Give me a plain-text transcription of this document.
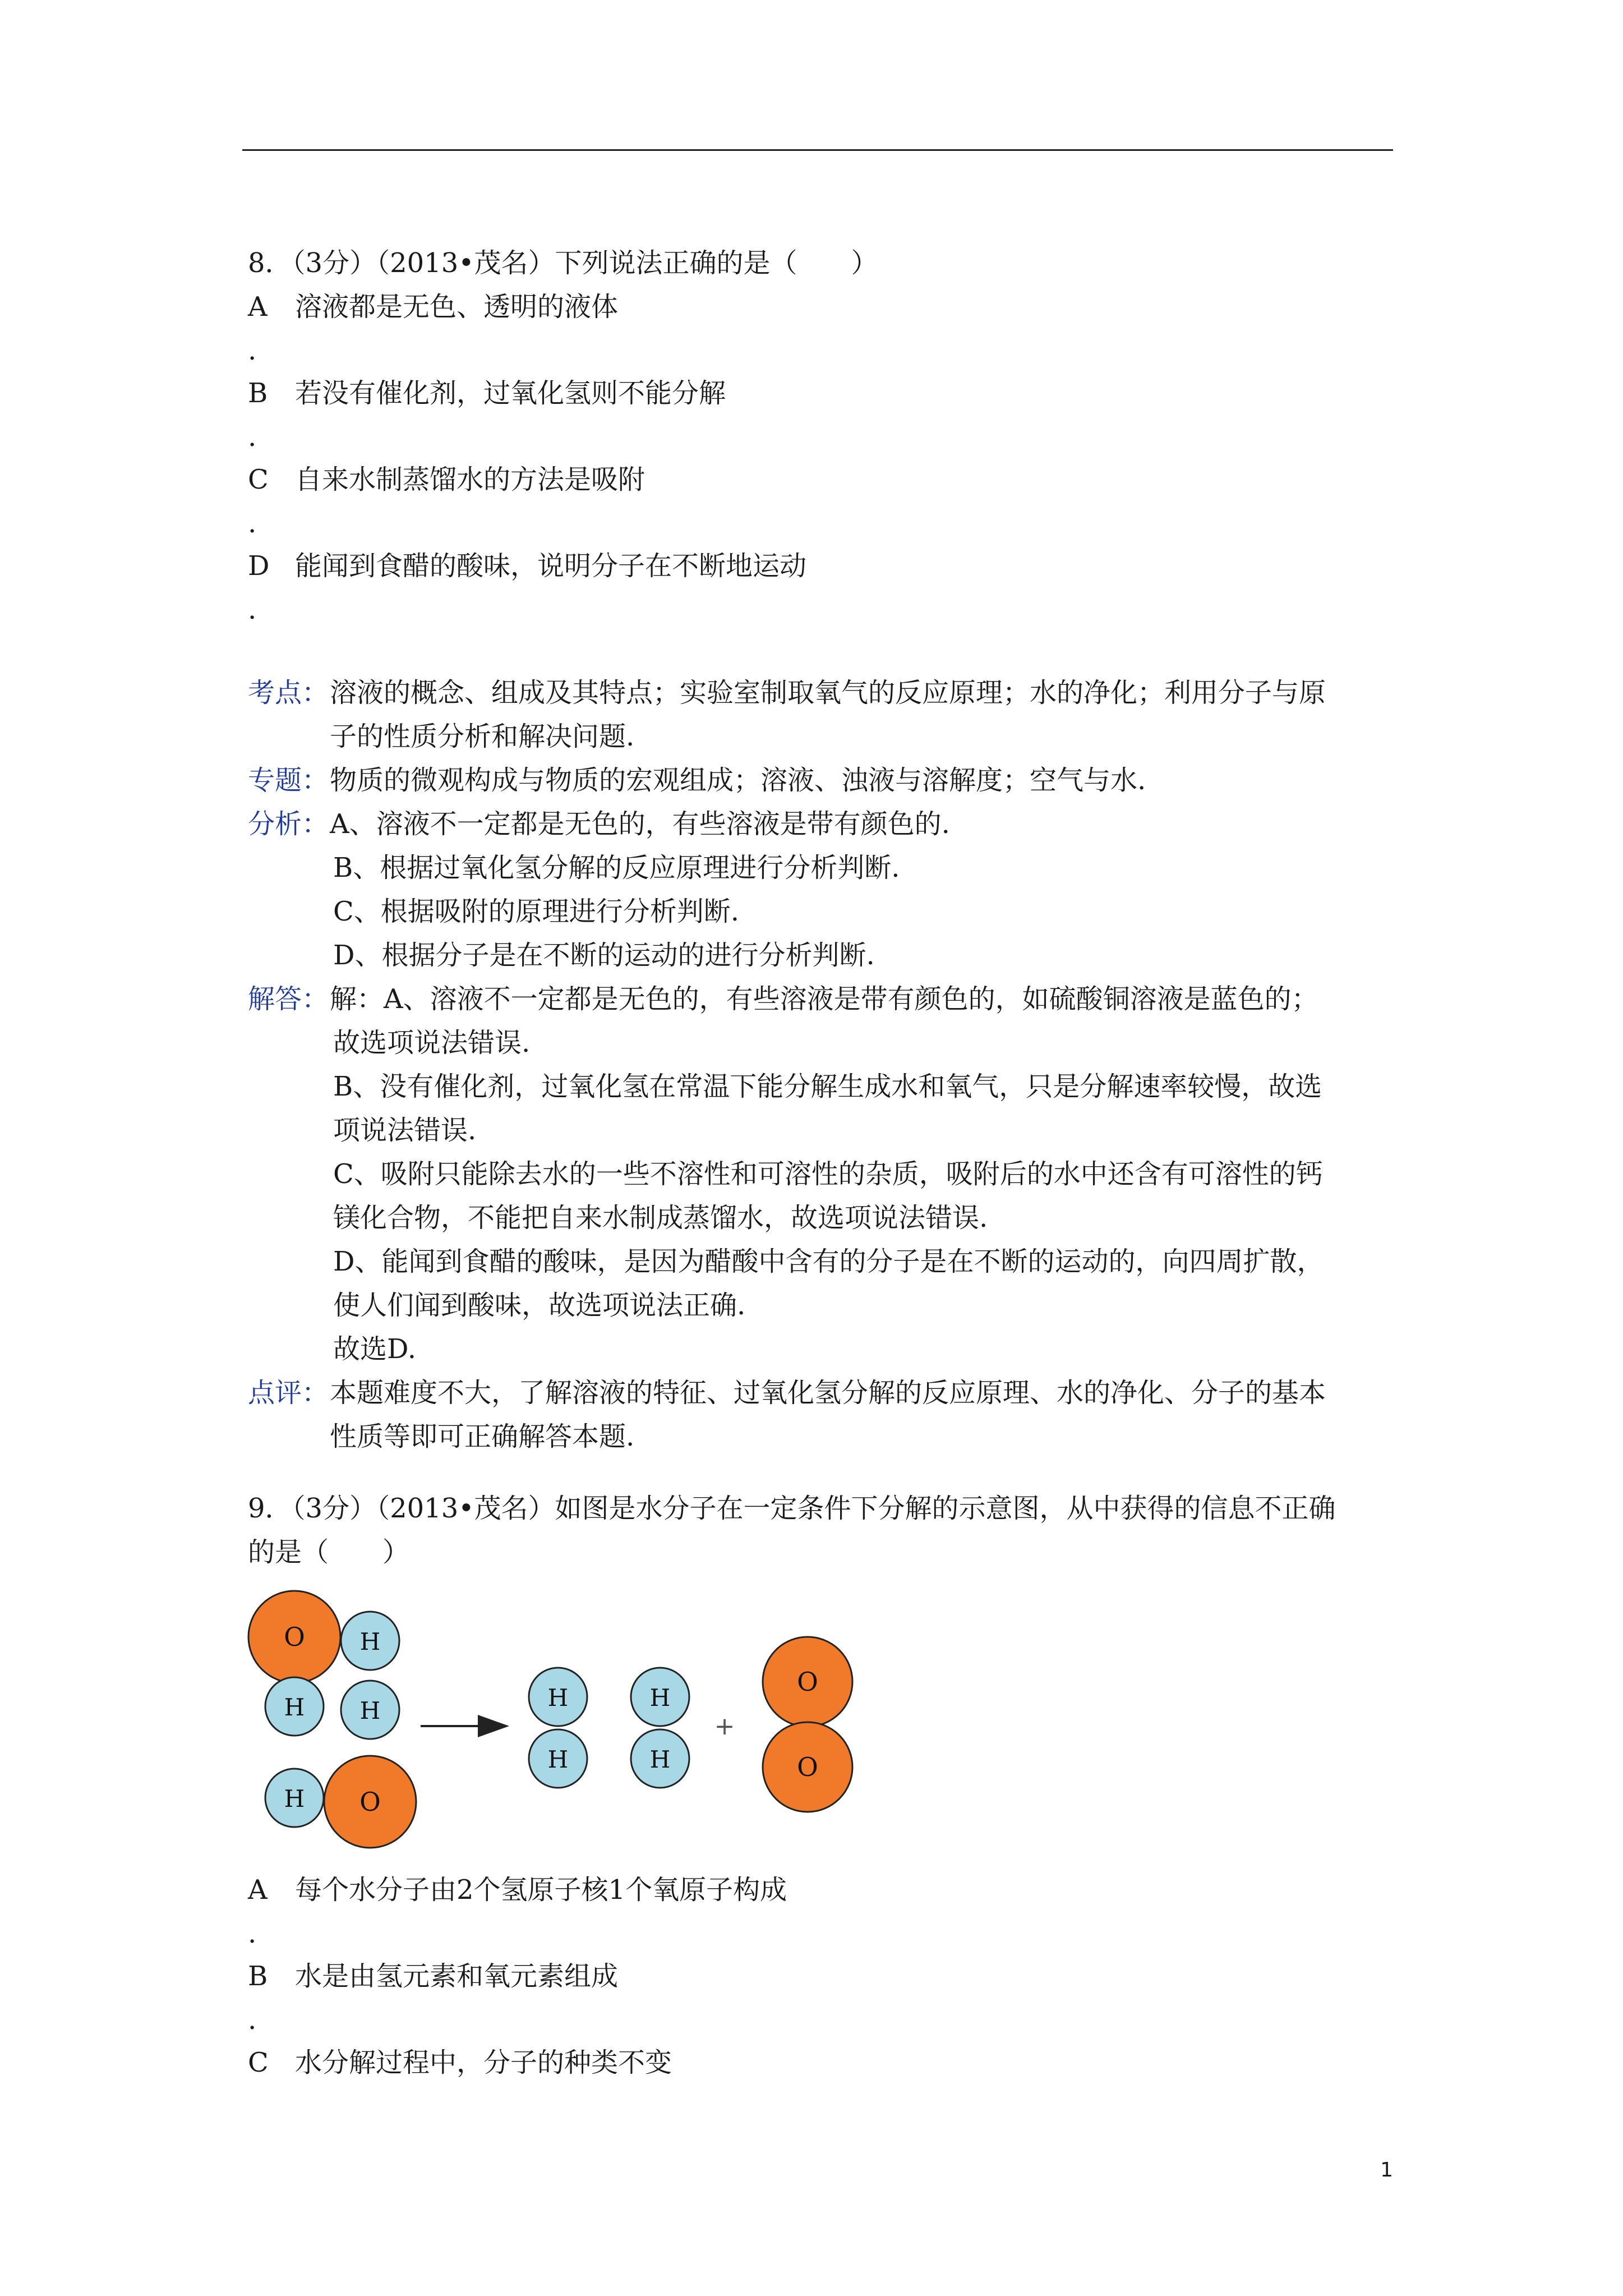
8．（3分）（2013•茂名）下列说法正确的是（　　）
A	溶液都是无色、透明的液体
.
B	若没有催化剂，过氧化氢则不能分解
.
C 自来水制蒸馏水的方法是吸附
.
D 能闻到食醋的酸味，说明分子在不断地运动
.
考点： 溶液的概念、组成及其特点；实验室制取氧气的反应原理；水的净化；利用分子与原
子的性质分析和解决问题.
专题： 物质的微观构成与物质的宏观组成；溶液、浊液与溶解度；空气与水.
分析： A、溶液不一定都是无色的，有些溶液是带有颜色的.
B、根据过氧化氢分解的反应原理进行分析判断.
C、根据吸附的原理进行分析判断.
D、根据分子是在不断的运动的进行分析判断.
解答： 解：A、溶液不一定都是无色的，有些溶液是带有颜色的，如硫酸铜溶液是蓝色的；
故选项说法错误.
B、没有催化剂，过氧化氢在常温下能分解生成水和氧气，只是分解速率较慢，故选
项说法错误.
C、吸附只能除去水的一些不溶性和可溶性的杂质，吸附后的水中还含有可溶性的钙
镁化合物，不能把自来水制成蒸馏水，故选项说法错误.
D、能闻到食醋的酸味，是因为醋酸中含有的分子是在不断的运动的，向四周扩散，
使人们闻到酸味，故选项说法正确.
故选D.
点评： 本题难度不大，了解溶液的特征、过氧化氢分解的反应原理、水的净化、分子的基本
性质等即可正确解答本题.
9．（3分）（2013•茂名）如图是水分子在一定条件下分解的示意图，从中获得的信息不正确
的是（　　）
O H
H H
H O
H
H
H
H
O
O
+
A	每个水分子由2个氢原子核1个氧原子构成
.
B	水是由氢元素和氧元素组成
.
C 水分解过程中，分子的种类不变
1
